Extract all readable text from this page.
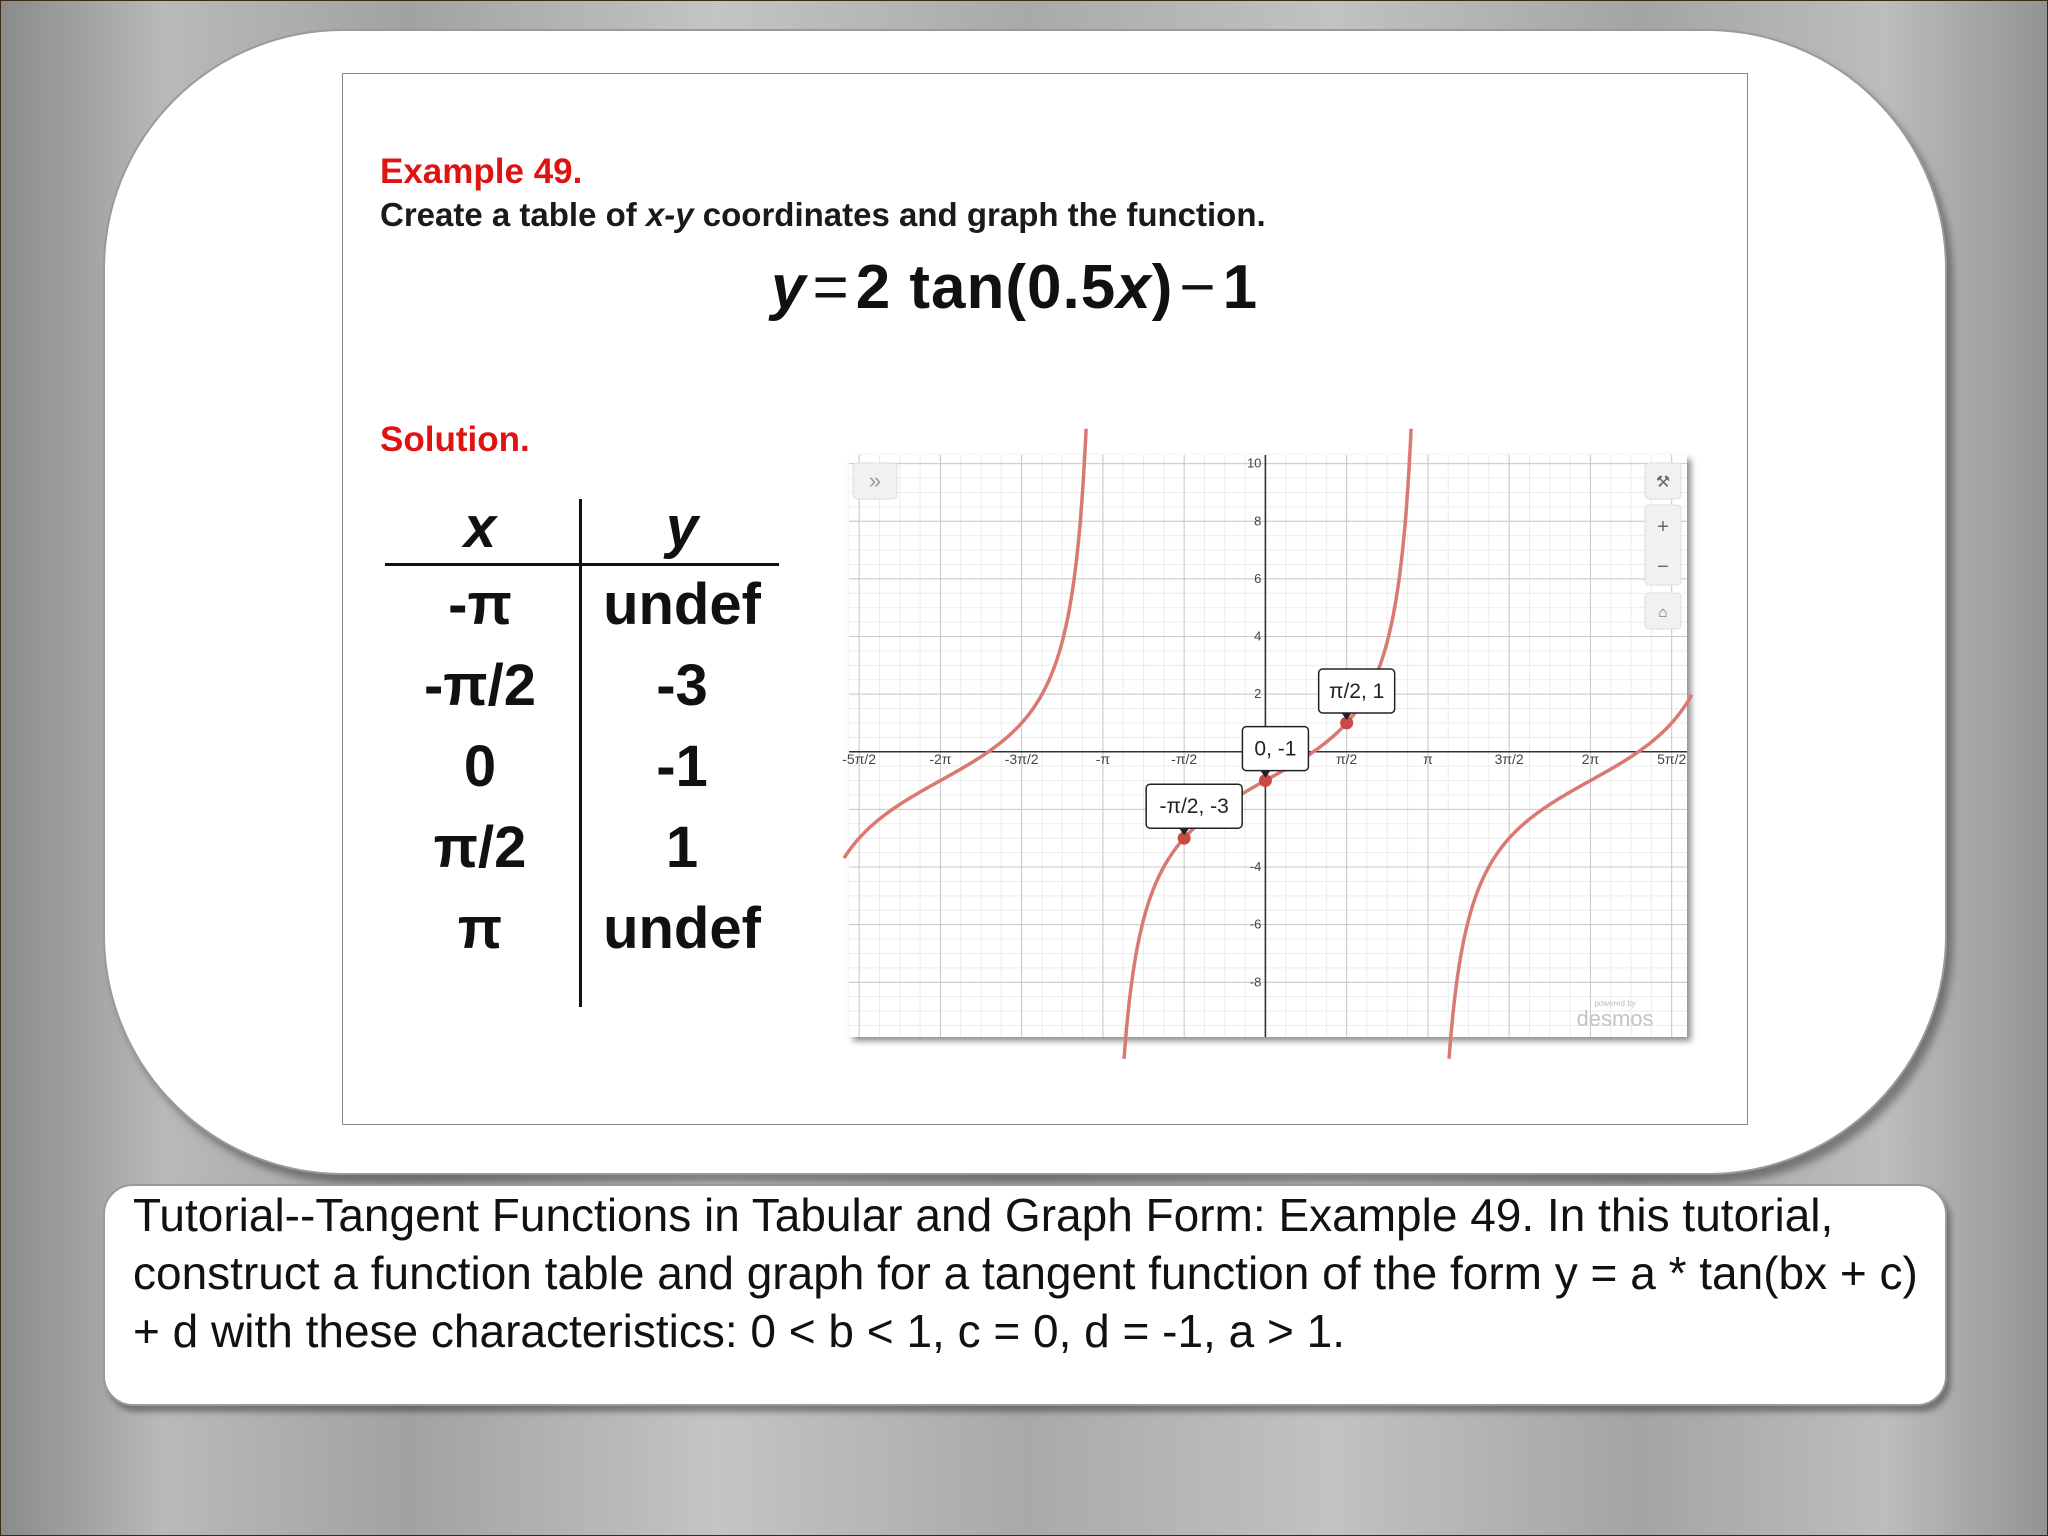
Example 49.
Create a table of x-y coordinates and graph the function.
y=2 tan(0.5x)−1
Solution.
x	y
-π	undef
-π/2	-3
0	-1
π/2	1
π	undef
-5π/2	-2π	-3π/2	-π	-π/2	π/2	π	3π/2	2π	5π/2
10
8
6
4
2
-4
-6
-8
π/2, 1
0, -1
-π/2, -3
»	⚒
+
−
⌂
powered by
desmos

Tutorial--Tangent Functions in Tabular and Graph Form: Example 49. In this tutorial, construct a function table and graph for a tangent function of the form y = a * tan(bx + c) + d with these characteristics: 0 < b < 1, c = 0, d = -1, a > 1.
